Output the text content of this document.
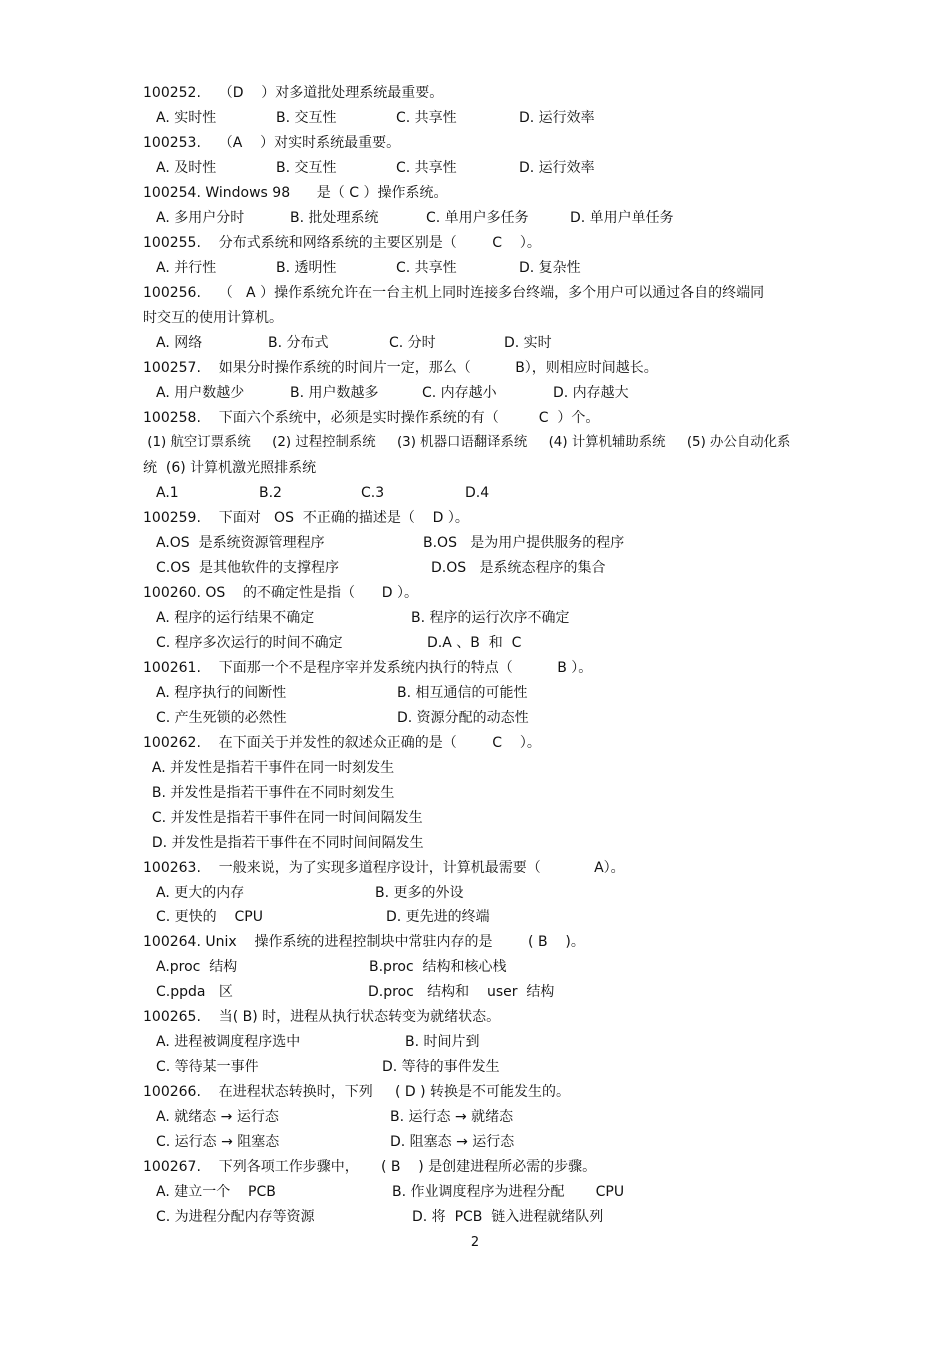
100252.    （D    ）对多道批处理系统最重要。
A. 实时性	B. 交互性	C. 共享性	D. 运行效率
100253.    （A    ）对实时系统最重要。
A. 及时性	B. 交互性	C. 共享性	D. 运行效率
100254. Windows 98      是（ C ）操作系统。
A. 多用户分时	B. 批处理系统	C. 单用户多任务	D. 单用户单任务
100255.    分布式系统和网络系统的主要区别是（        C    ）。
A. 并行性	B. 透明性	C. 共享性	D. 复杂性
100256.    （   A ）操作系统允许在一台主机上同时连接多台终端，多个用户可以通过各自的终端同
时交互的使用计算机。
A. 网络	B. 分布式	C. 分时	D. 实时
100257.    如果分时操作系统的时间片一定，那么（          B），则相应时间越长。
A. 用户数越少	B. 用户数越多	C. 内存越小	D. 内存越大
100258.    下面六个系统中，必须是实时操作系统的有（         C  ）个。
(1) 航空订票系统     (2) 过程控制系统     (3) 机器口语翻译系统     (4) 计算机辅助系统     (5) 办公自动化系
统  (6) 计算机激光照排系统
A.1	B.2	C.3	D.4
100259.    下面对   OS  不正确的描述是（    D ）。
A.OS  是系统资源管理程序	B.OS   是为用户提供服务的程序
C.OS  是其他软件的支撑程序	D.OS   是系统态程序的集合
100260. OS    的不确定性是指（      D ）。
A. 程序的运行结果不确定	B. 程序的运行次序不确定
C. 程序多次运行的时间不确定	D.A 、B  和  C
100261.    下面那一个不是程序宰并发系统内执行的特点（          B ）。
A. 程序执行的间断性	B. 相互通信的可能性
C. 产生死锁的必然性	D. 资源分配的动态性
100262.    在下面关于并发性的叙述众正确的是（        C    ）。
A. 并发性是指若干事件在同一时刻发生
B. 并发性是指若干事件在不同时刻发生
C. 并发性是指若干事件在同一时间间隔发生
D. 并发性是指若干事件在不同时间间隔发生
100263.    一般来说，为了实现多道程序设计，计算机最需要（            A）。
A. 更大的内存	B. 更多的外设
C. 更快的    CPU	D. 更先进的终端
100264. Unix    操作系统的进程控制块中常驻内存的是        ( B    )。
A.proc  结构	B.proc  结构和核心栈
C.ppda   区	D.proc   结构和    user  结构
100265.    当( B) 时，进程从执行状态转变为就绪状态。
A. 进程被调度程序选中	B. 时间片到
C. 等待某一事件	D. 等待的事件发生
100266.    在进程状态转换时，下列     ( D ) 转换是不可能发生的。
A. 就绪态 → 运行态	B. 运行态 → 就绪态
C. 运行态 → 阻塞态	D. 阻塞态 → 运行态
100267.    下列各项工作步骤中，     ( B    ) 是创建进程所必需的步骤。
A. 建立一个    PCB	B. 作业调度程序为进程分配       CPU
C. 为进程分配内存等资源	D. 将  PCB  链入进程就绪队列
2
